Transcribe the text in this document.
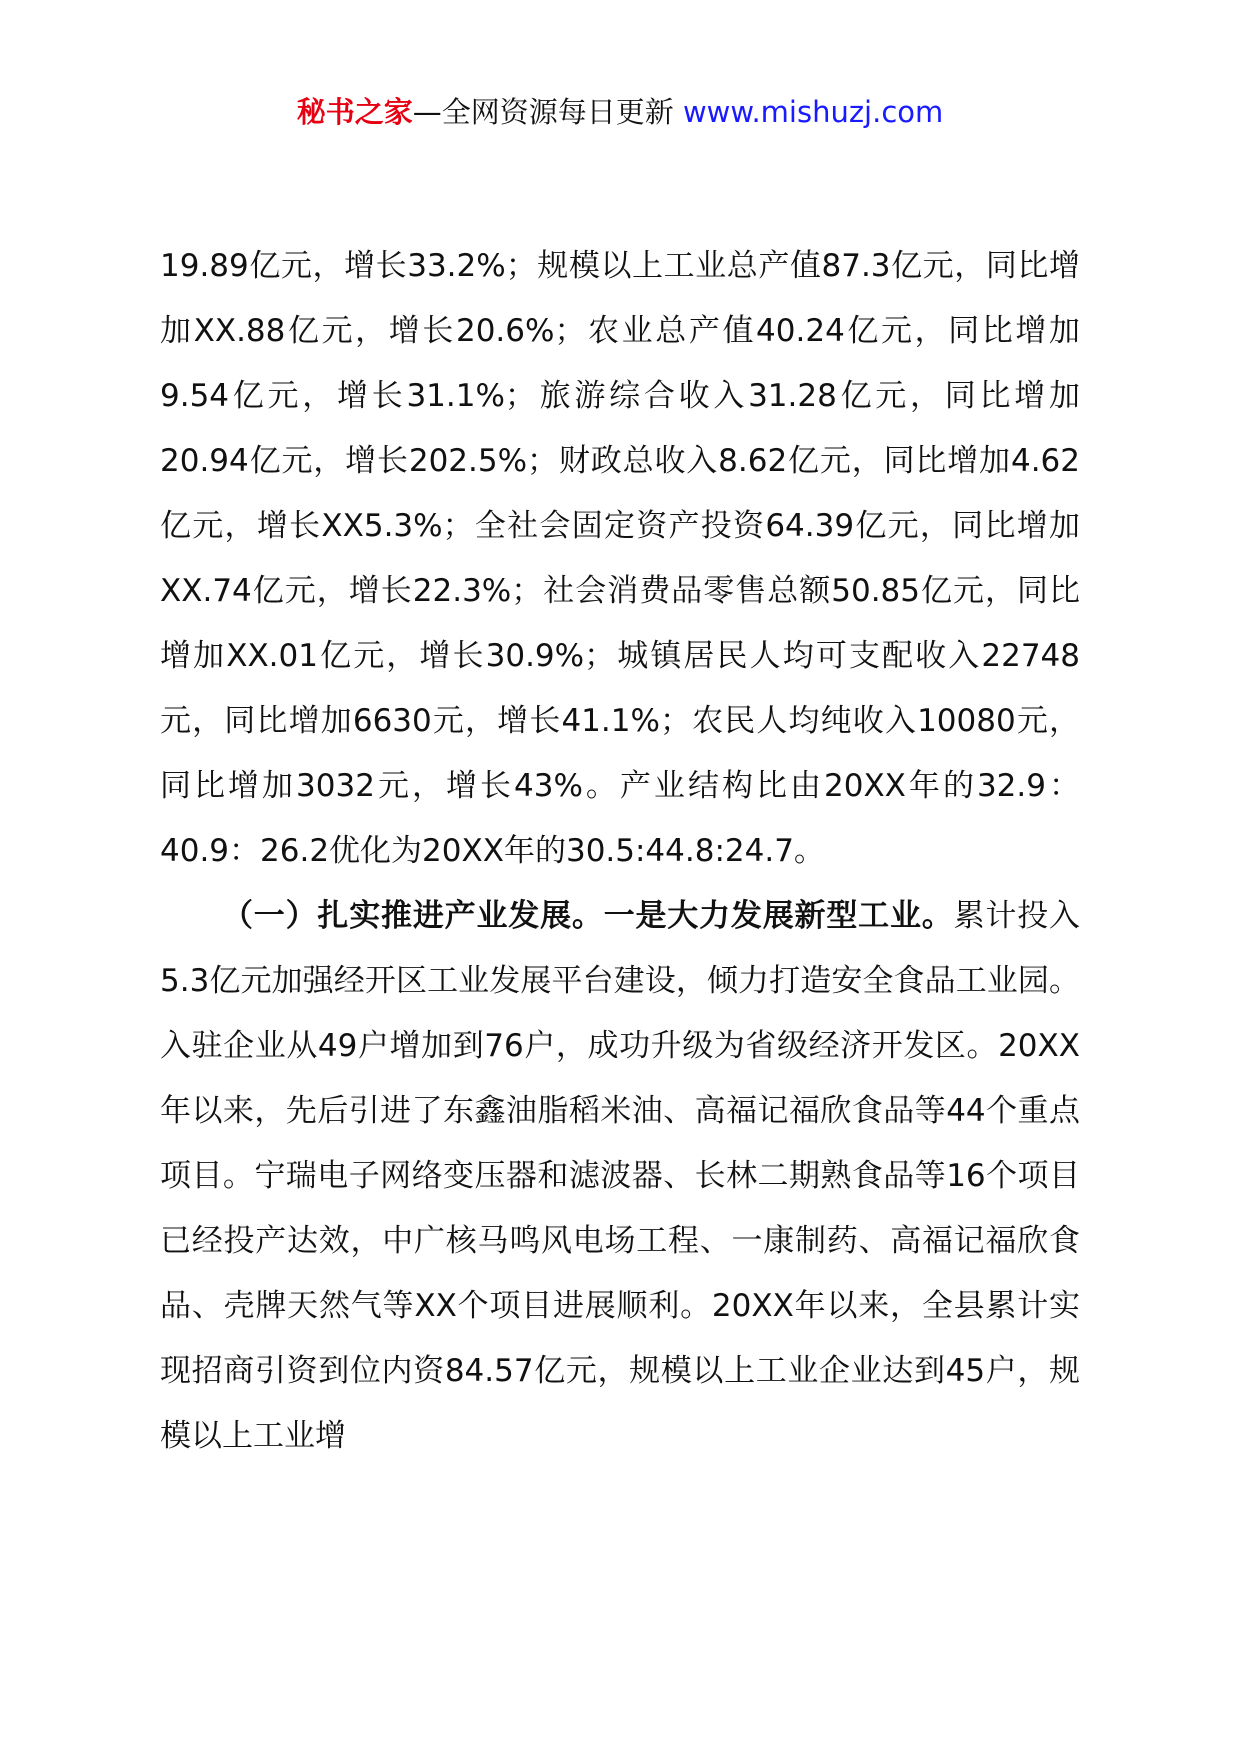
秘书之家—全网资源每日更新 www.mishuzj.com

19.89亿元，增长33.2%；规模以上工业总产值87.3亿元，同比增加XX.88亿元，增长20.6%；农业总产值40.24亿元，同比增加9.54亿元，增长31.1%；旅游综合收入31.28亿元，同比增加20.94亿元，增长202.5%；财政总收入8.62亿元，同比增加4.62亿元，增长XX5.3%；全社会固定资产投资64.39亿元，同比增加XX.74亿元，增长22.3%；社会消费品零售总额50.85亿元，同比增加XX.01亿元，增长30.9%；城镇居民人均可支配收入22748元，同比增加6630元，增长41.1%；农民人均纯收入10080元，同比增加3032元，增长43%。产业结构比由20XX年的32.9：40.9：26.2优化为20XX年的30.5:44.8:24.7。

（一）扎实推进产业发展。一是大力发展新型工业。累计投入5.3亿元加强经开区工业发展平台建设，倾力打造安全食品工业园。入驻企业从49户增加到76户，成功升级为省级经济开发区。20XX年以来，先后引进了东鑫油脂稻米油、高福记福欣食品等44个重点项目。宁瑞电子网络变压器和滤波器、长林二期熟食品等16个项目已经投产达效，中广核马鸣风电场工程、一康制药、高福记福欣食品、壳牌天然气等XX个项目进展顺利。20XX年以来，全县累计实现招商引资到位内资84.57亿元，规模以上工业企业达到45户，规模以上工业增
